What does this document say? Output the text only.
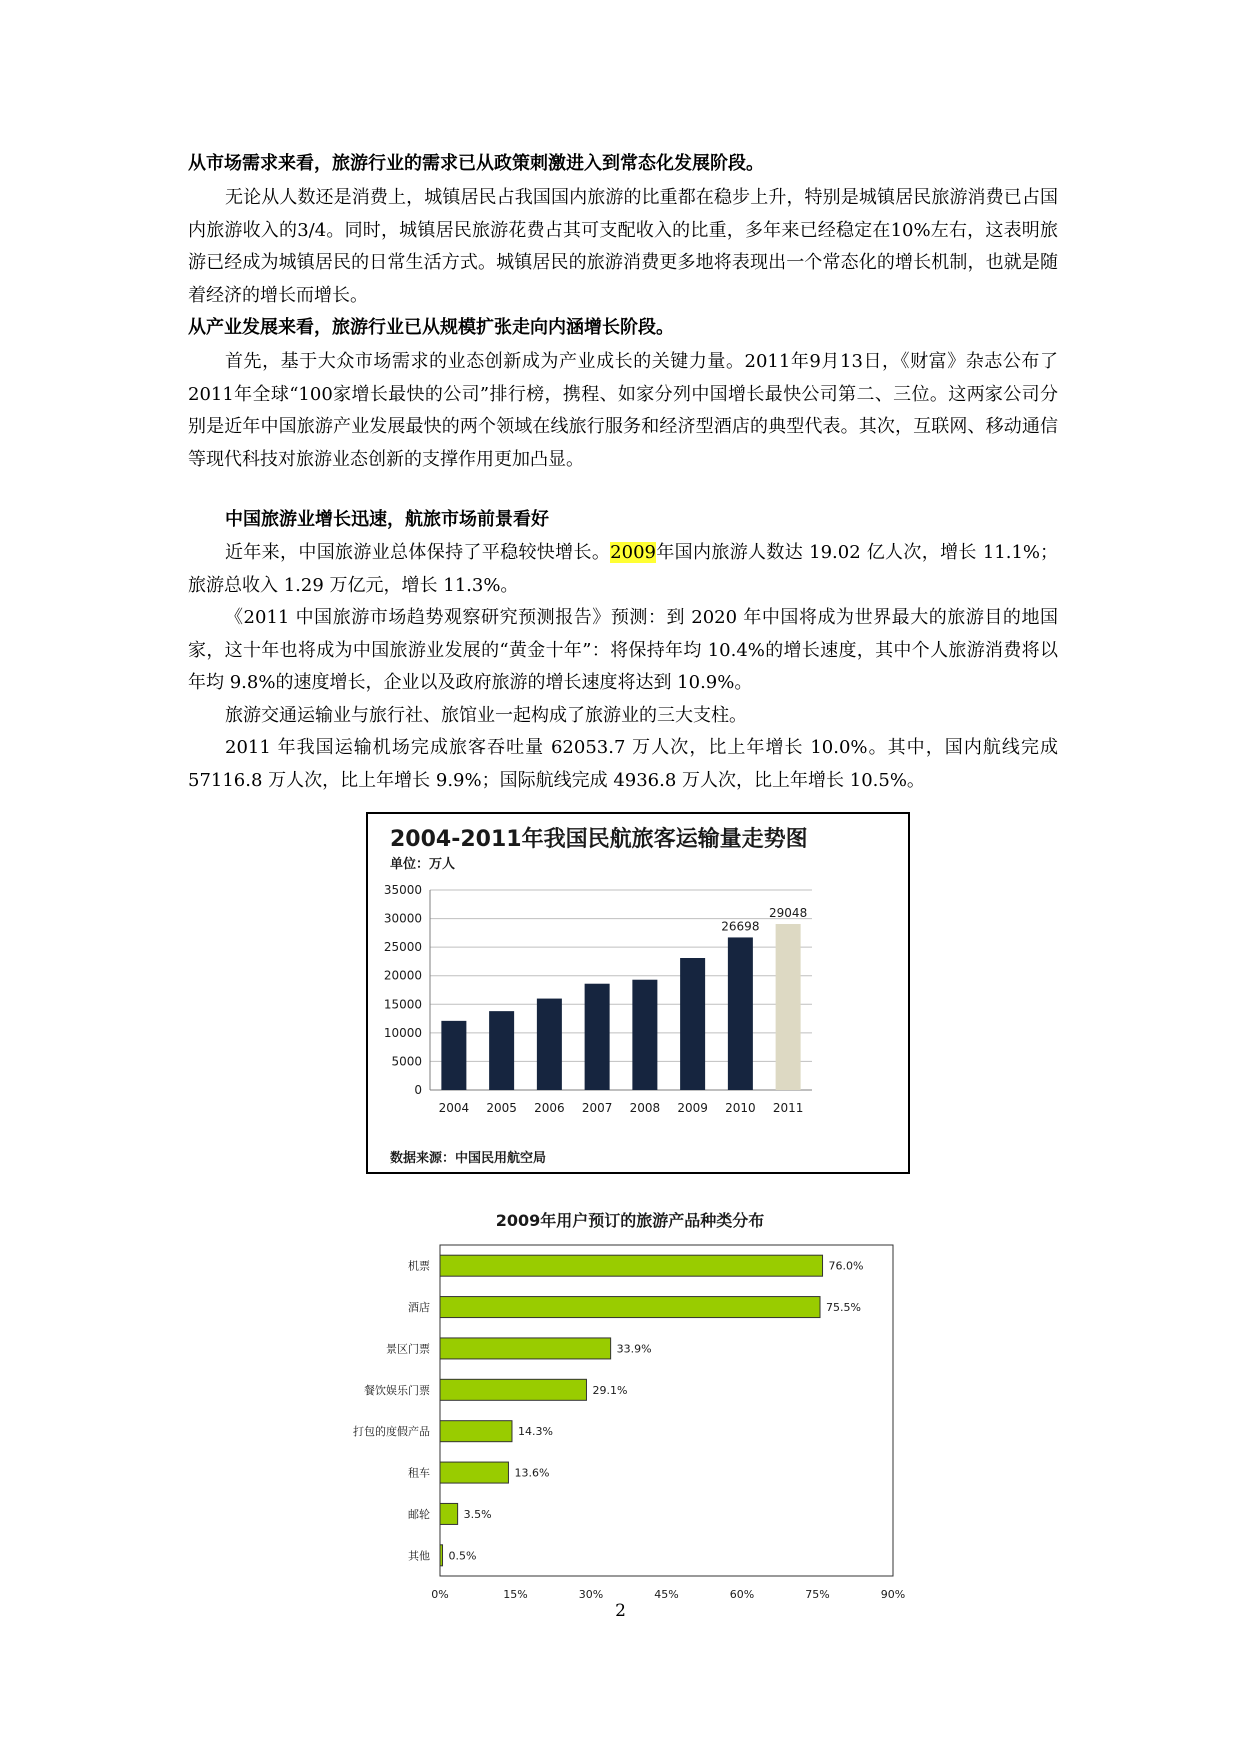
从市场需求来看，旅游行业的需求已从政策刺激进入到常态化发展阶段。

无论从人数还是消费上，城镇居民占我国国内旅游的比重都在稳步上升，特别是城镇居民旅游消费已占国内旅游收入的3/4。同时，城镇居民旅游花费占其可支配收入的比重，多年来已经稳定在10%左右，这表明旅游已经成为城镇居民的日常生活方式。城镇居民的旅游消费更多地将表现出一个常态化的增长机制，也就是随着经济的增长而增长。

从产业发展来看，旅游行业已从规模扩张走向内涵增长阶段。

首先，基于大众市场需求的业态创新成为产业成长的关键力量。2011年9月13日，《财富》杂志公布了2011年全球“100家增长最快的公司”排行榜，携程、如家分列中国增长最快公司第二、三位。这两家公司分别是近年中国旅游产业发展最快的两个领域在线旅行服务和经济型酒店的典型代表。其次，互联网、移动通信等现代科技对旅游业态创新的支撑作用更加凸显。

中国旅游业增长迅速，航旅市场前景看好

近年来，中国旅游业总体保持了平稳较快增长。2009年国内旅游人数达 19.02 亿人次，增长 11.1%；旅游总收入 1.29 万亿元，增长 11.3%。

《2011 中国旅游市场趋势观察研究预测报告》预测：到 2020 年中国将成为世界最大的旅游目的地国家，这十年也将成为中国旅游业发展的“黄金十年”：将保持年均 10.4%的增长速度，其中个人旅游消费将以年均 9.8%的速度增长，企业以及政府旅游的增长速度将达到 10.9%。

旅游交通运输业与旅行社、旅馆业一起构成了旅游业的三大支柱。

2011 年我国运输机场完成旅客吞吐量 62053.7 万人次，比上年增长 10.0%。其中，国内航线完成57116.8 万人次，比上年增长 9.9%；国际航线完成 4936.8 万人次，比上年增长 10.5%。

2004-2011年我国民航旅客运输量走势图
单位：万人
数据来源：中国民用航空局
0
5000
10000
15000
20000
25000
30000
35000
2004 2005 2006 2007 2008 2009 2010
26698
2011
29048
2009年用户预订的旅游产品种类分布
机票	76.0%
酒店	75.5%
景区门票	33.9%
餐饮娱乐门票	29.1%
打包的度假产品	14.3%
租车	13.6%
邮轮	3.5%
其他 0.5%
0%	15%	30%	45%	60%	75%	90%
2
